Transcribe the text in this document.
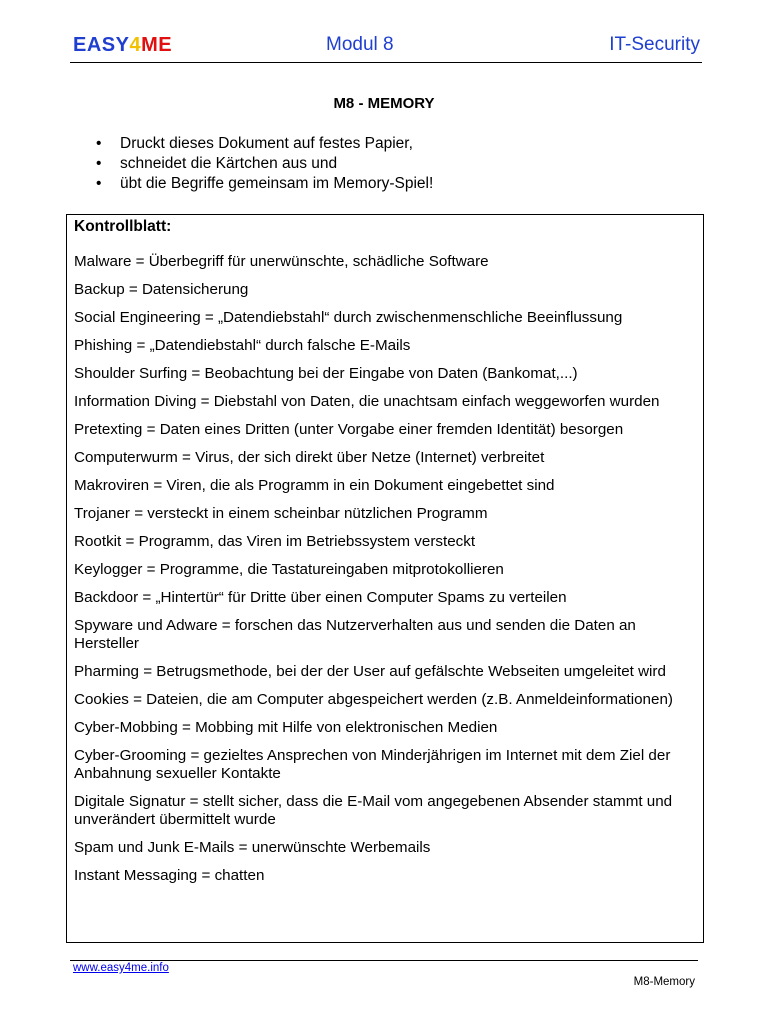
EASY4ME	Modul 8	IT-Security
M8 - MEMORY
• Druckt dieses Dokument auf festes Papier,
• schneidet die Kärtchen aus und
• übt die Begriffe gemeinsam im Memory-Spiel!
Kontrollblatt:
Malware = Überbegriff für unerwünschte, schädliche Software
Backup = Datensicherung
Social Engineering = „Datendiebstahl“ durch zwischenmenschliche Beeinflussung
Phishing = „Datendiebstahl“ durch falsche E-Mails
Shoulder Surfing = Beobachtung bei der Eingabe von Daten (Bankomat,...)
Information Diving = Diebstahl von Daten, die unachtsam einfach weggeworfen wurden
Pretexting = Daten eines Dritten (unter Vorgabe einer fremden Identität) besorgen
Computerwurm = Virus, der sich direkt über Netze (Internet) verbreitet
Makroviren = Viren, die als Programm in ein Dokument eingebettet sind
Trojaner = versteckt in einem scheinbar nützlichen Programm
Rootkit = Programm, das Viren im Betriebssystem versteckt
Keylogger = Programme, die Tastatureingaben mitprotokollieren
Backdoor = „Hintertür“ für Dritte über einen Computer Spams zu verteilen
Spyware und Adware = forschen das Nutzerverhalten aus und senden die Daten an Hersteller
Pharming = Betrugsmethode, bei der der User auf gefälschte Webseiten umgeleitet wird
Cookies = Dateien, die am Computer abgespeichert werden (z.B. Anmeldeinformationen)
Cyber-Mobbing = Mobbing mit Hilfe von elektronischen Medien
Cyber-Grooming = gezieltes Ansprechen von Minderjährigen im Internet mit dem Ziel der Anbahnung sexueller Kontakte
Digitale Signatur = stellt sicher, dass die E-Mail vom angegebenen Absender stammt und unverändert übermittelt wurde
Spam und Junk E-Mails = unerwünschte Werbemails
Instant Messaging = chatten
www.easy4me.info
M8-Memory
